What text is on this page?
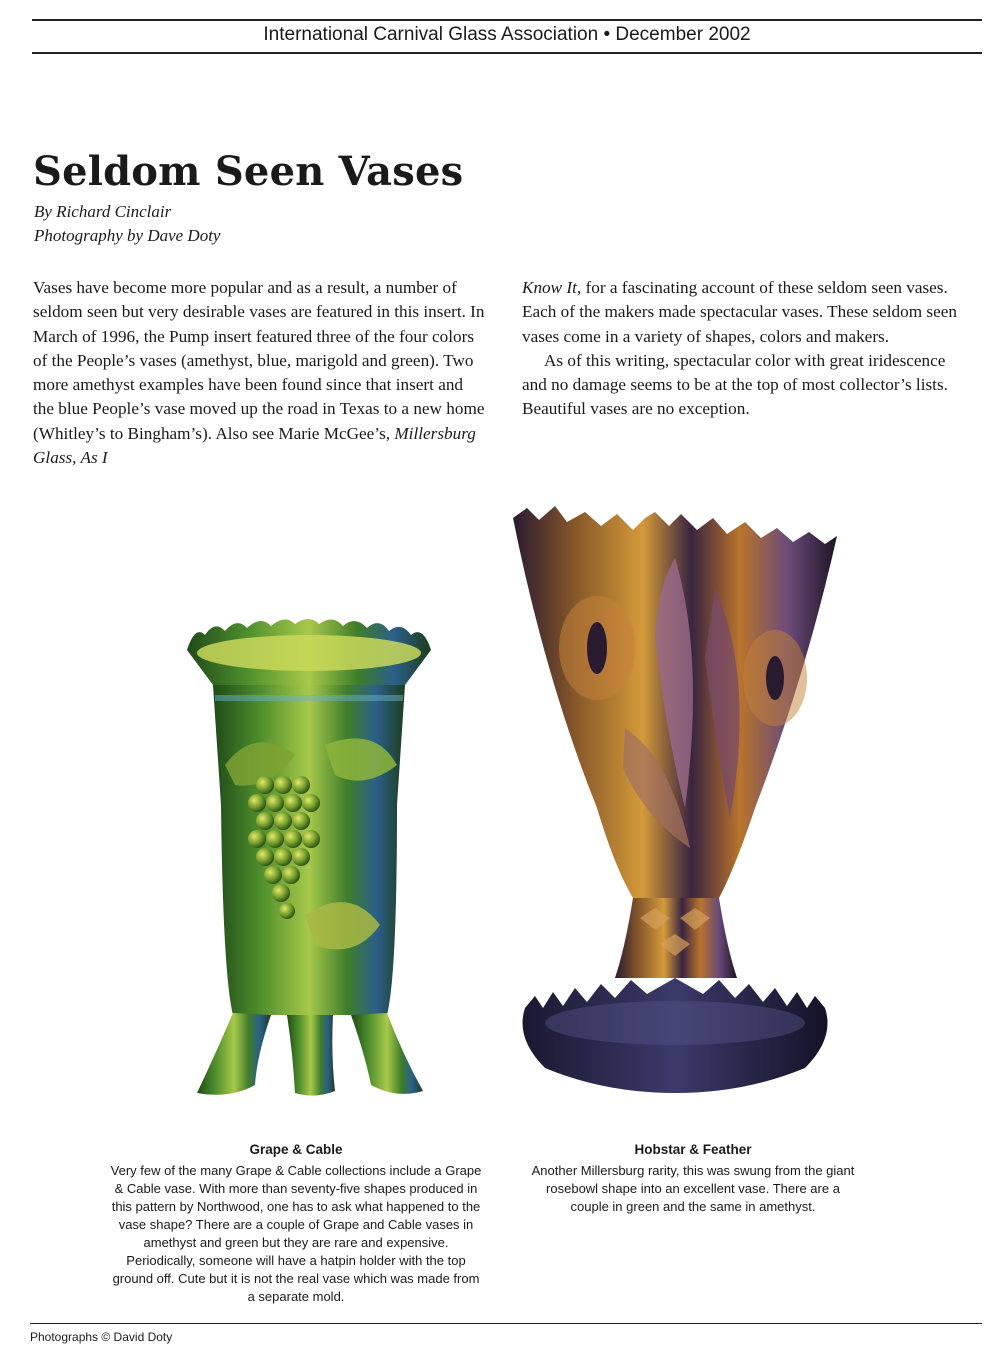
International Carnival Glass Association • December 2002
Seldom Seen Vases
By Richard Cinclair
Photography by Dave Doty

Vases have become more popular and as a result, a number of seldom seen but very desirable vases are featured in this insert. In March of 1996, the Pump insert featured three of the four colors of the People’s vases (amethyst, blue, marigold and green). Two more amethyst examples have been found since that insert and the blue People’s vase moved up the road in Texas to a new home (Whitley’s to Bingham’s). Also see Marie McGee’s, Millersburg Glass, As I

Know It, for a fascinating account of these seldom seen vases. Each of the makers made spectacular vases. These seldom seen vases come in a variety of shapes, colors and makers.

As of this writing, spectacular color with great iridescence and no damage seems to be at the top of most collector’s lists. Beautiful vases are no exception.

Grape & Cable

Very few of the many Grape & Cable collections include a Grape & Cable vase. With more than seventy-five shapes produced in this pattern by Northwood, one has to ask what happened to the vase shape? There are a couple of Grape and Cable vases in amethyst and green but they are rare and expensive. Periodically, someone will have a hatpin holder with the top ground off. Cute but it is not the real vase which was made from a separate mold.

Hobstar & Feather

Another Millersburg rarity, this was swung from the giant rosebowl shape into an excellent vase. There are a couple in green and the same in amethyst.

Photographs © David Doty
